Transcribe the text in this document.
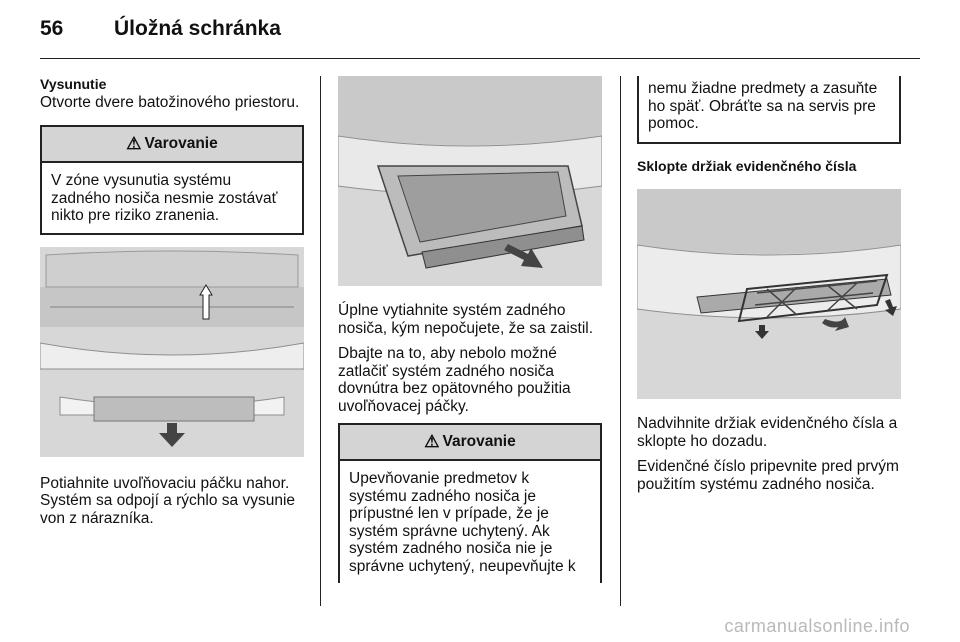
56 Úložná schránka
Vysunutie

Otvorte dvere batožinového priestoru.

⚠ Varovanie
V zóne vysunutia systému zadného nosiča nesmie zostávať nikto pre riziko zranenia.

Potiahnite uvoľňovaciu páčku nahor. Systém sa odpojí a rýchlo sa vysunie von z nárazníka.

Úplne vytiahnite systém zadného nosiča, kým nepočujete, že sa zaistil.

Dbajte na to, aby nebolo možné zatlačiť systém zadného nosiča dovnútra bez opätovného použitia uvoľňovacej páčky.

⚠ Varovanie
Upevňovanie predmetov k systému zadného nosiča je prípustné len v prípade, že je systém správne uchytený. Ak systém zadného nosiča nie je správne uchytený, neupevňujte k
nemu žiadne predmety a zasuňte ho späť. Obráťte sa na servis pre pomoc.
Sklopte držiak evidenčného čísla

Nadvihnite držiak evidenčného čísla a sklopte ho dozadu.

Evidenčné číslo pripevnite pred prvým použitím systému zadného nosiča.

carmanualsonline.info
